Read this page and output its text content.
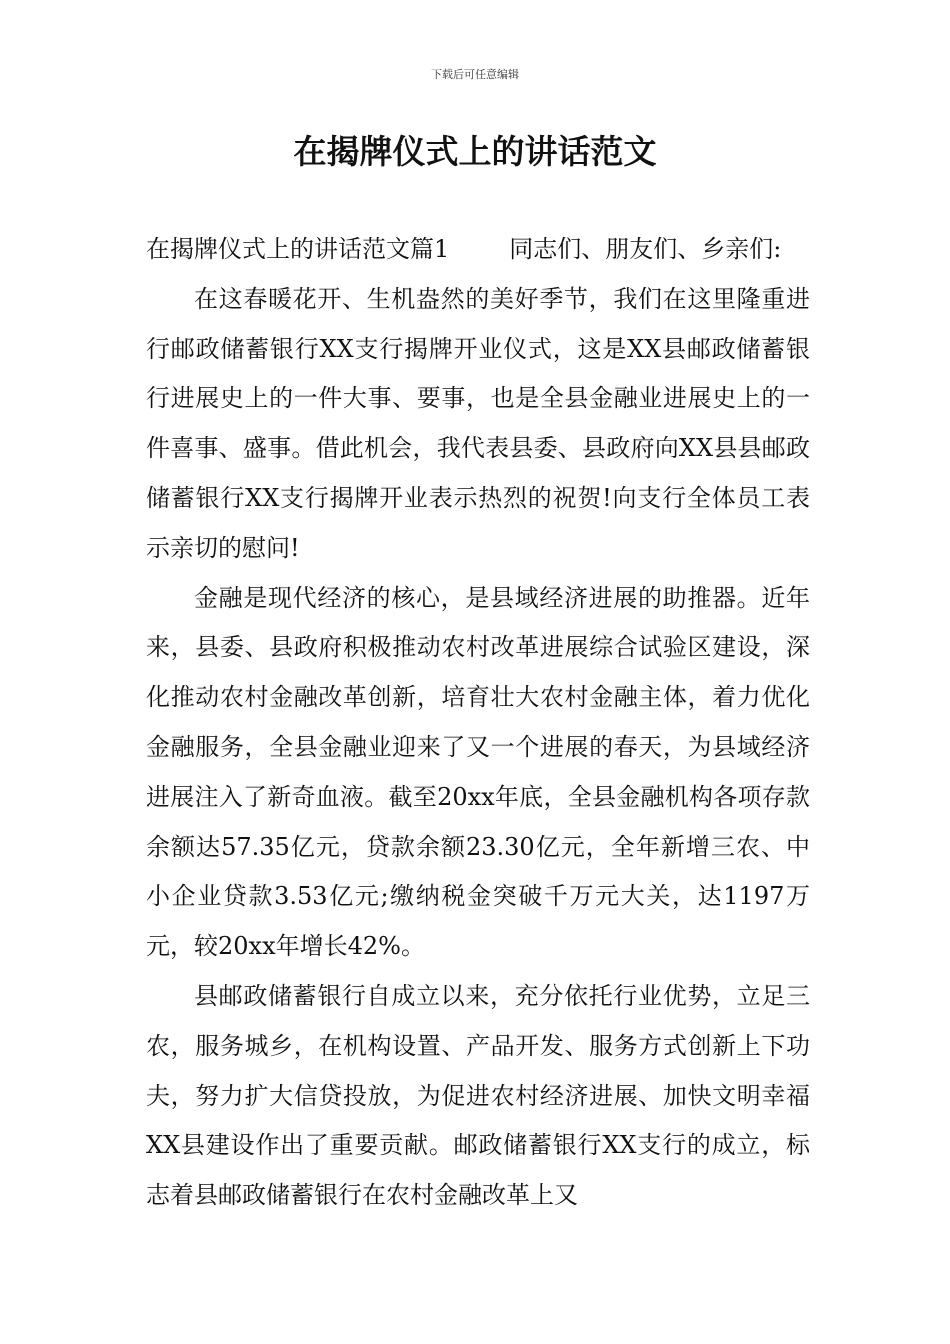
下载后可任意编辑
在揭牌仪式上的讲话范文

在揭牌仪式上的讲话范文篇1	同志们、朋友们、乡亲们:

在这春暖花开、生机盎然的美好季节，我们在这里隆重进行邮政储蓄银行XX支行揭牌开业仪式，这是XX县邮政储蓄银行进展史上的一件大事、要事，也是全县金融业进展史上的一件喜事、盛事。借此机会，我代表县委、县政府向XX县县邮政储蓄银行XX支行揭牌开业表示热烈的祝贺!向支行全体员工表示亲切的慰问!

金融是现代经济的核心，是县域经济进展的助推器。近年来，县委、县政府积极推动农村改革进展综合试验区建设，深化推动农村金融改革创新，培育壮大农村金融主体，着力优化金融服务，全县金融业迎来了又一个进展的春天，为县域经济进展注入了新奇血液。截至20xx年底，全县金融机构各项存款余额达57.35亿元，贷款余额23.30亿元，全年新增三农、中小企业贷款3.53亿元;缴纳税金突破千万元大关，达1197万元，较20xx年增长42%。

县邮政储蓄银行自成立以来，充分依托行业优势，立足三农，服务城乡，在机构设置、产品开发、服务方式创新上下功夫，努力扩大信贷投放，为促进农村经济进展、加快文明幸福XX县建设作出了重要贡献。邮政储蓄银行XX支行的成立，标志着县邮政储蓄银行在农村金融改革上又
